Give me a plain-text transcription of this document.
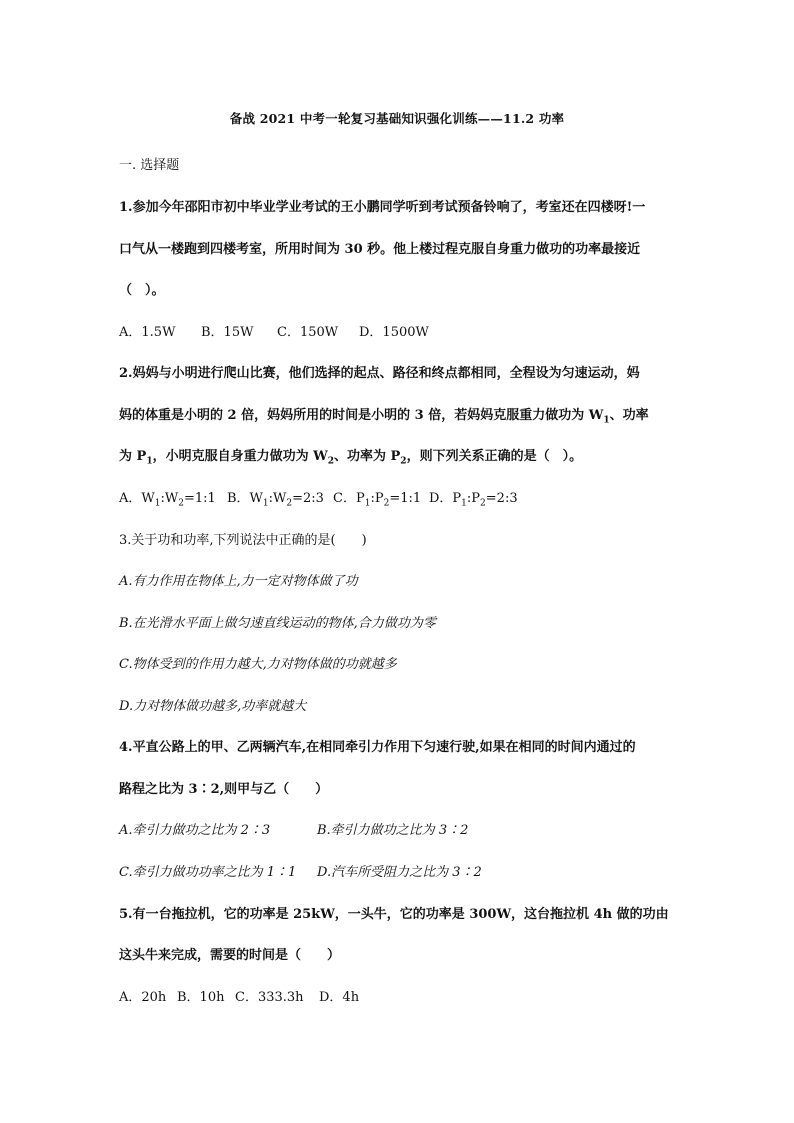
备战 2021 中考一轮复习基础知识强化训练——11.2 功率
一. 选择题
1.参加今年邵阳市初中毕业学业考试的王小鹏同学听到考试预备铃响了，考室还在四楼呀!一
口气从一楼跑到四楼考室，所用时间为 30 秒。他上楼过程克服自身重力做功的功率最接近
（　）。
A．1.5W B．15W C．150W D．1500W
2.妈妈与小明进行爬山比赛，他们选择的起点、路径和终点都相同，全程设为匀速运动，妈
妈的体重是小明的 2 倍，妈妈所用的时间是小明的 3 倍，若妈妈克服重力做功为 $W_1$、功率
为 $P_1$，小明克服自身重力做功为 $W_2$、功率为 $P_2$，则下列关系正确的是（　）。
A．$W_1:W_2=1:1$ B．$W_1:W_2=2:3$ C．$P_1:P_2=1:1$ D．$P_1:P_2=2:3$
3.关于功和功率,下列说法中正确的是(　　)
A.有力作用在物体上,力一定对物体做了功
B.在光滑水平面上做匀速直线运动的物体,合力做功为零
C.物体受到的作用力越大,力对物体做的功就越多
D.力对物体做功越多,功率就越大
4.平直公路上的甲、乙两辆汽车,在相同牵引力作用下匀速行驶,如果在相同的时间内通过的
路程之比为 3∶2,则甲与乙（　　）
A.牵引力做功之比为 2∶3	B.牵引力做功之比为 3∶2
C.牵引力做功功率之比为 1∶1 D.汽车所受阻力之比为 3∶2
5.有一台拖拉机，它的功率是 25kW，一头牛，它的功率是 300W，这台拖拉机 4h 做的功由
这头牛来完成，需要的时间是（　　）
A．20h B．10h C．333.3h D．4h
